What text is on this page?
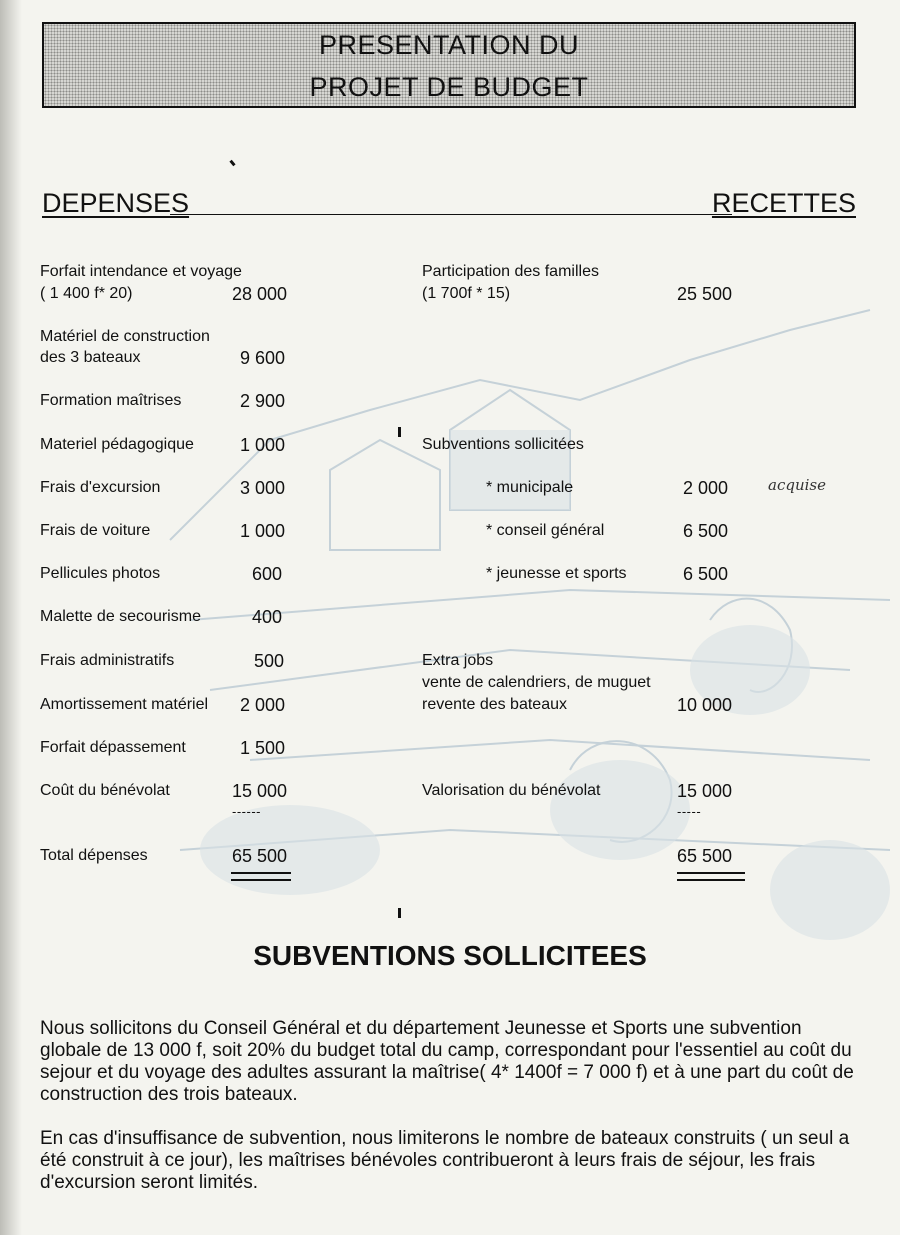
PRESENTATION DU
PROJET DE BUDGET
DEPENSES	RECETTES
Forfait intendance et voyage
( 1 400 f* 20)	28 000
Matériel de construction
des 3 bateaux	9 600
Formation maîtrises	2 900
Materiel pédagogique	1 000
Frais d'excursion	3 000
Frais de voiture	1 000
Pellicules photos	600
Malette de secourisme	400
Frais administratifs	500
Amortissement matériel 2 000
Forfait dépassement	1 500
Coût du bénévolat	15 000
------
Total dépenses	65 500
Participation des familles
(1 700f * 15)	25 500
Subventions sollicitées
* municipale	2 000	acquise
* conseil général	6 500
* jeunesse et sports	6 500
Extra jobs
vente de calendriers, de muguet
revente des bateaux	10 000
Valorisation du bénévolat	15 000
-----
65 500
SUBVENTIONS SOLLICITEES
Nous sollicitons du Conseil Général et du département Jeunesse et Sports une subvention globale de 13 000 f, soit 20% du budget total du camp, correspondant pour l'essentiel au coût du sejour et du voyage des adultes assurant la maîtrise( 4* 1400f = 7 000 f) et à une part du coût de construction des trois bateaux.
En cas d'insuffisance de subvention, nous limiterons le nombre de bateaux construits ( un seul a été construit à ce jour), les maîtrises bénévoles contribueront à leurs frais de séjour, les frais d'excursion seront limités.
